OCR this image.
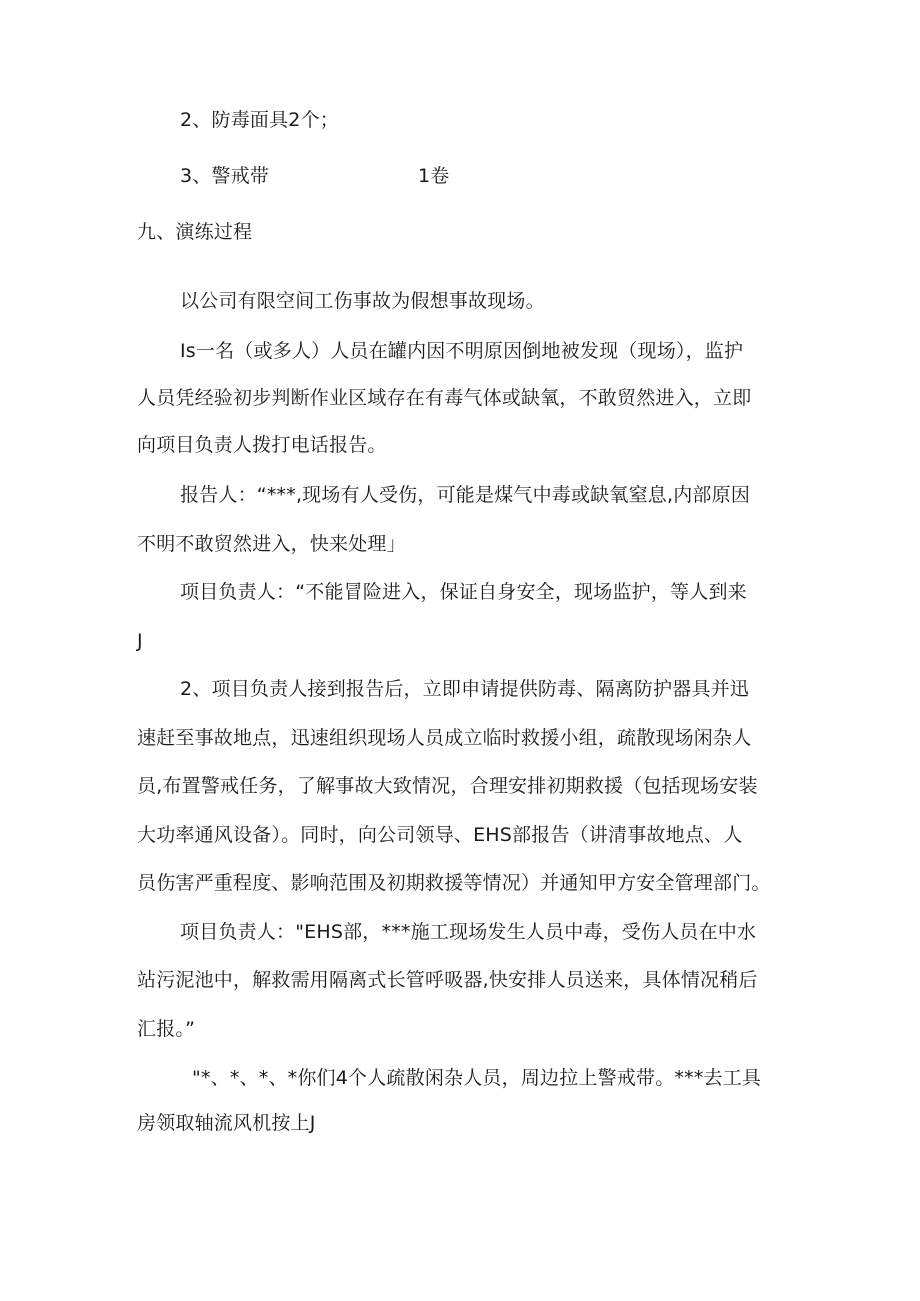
2、防毒面具2个；
3、警戒带	1卷
九、演练过程
以公司有限空间工伤事故为假想事故现场。
Is一名（或多人）人员在罐内因不明原因倒地被发现（现场），监护
人员凭经验初步判断作业区域存在有毒气体或缺氧，不敢贸然进入，立即
向项目负责人拨打电话报告。
报告人：“***,现场有人受伤，可能是煤气中毒或缺氧窒息,内部原因
不明不敢贸然进入，快来处理」
项目负责人：“不能冒险进入，保证自身安全，现场监护，等人到来
J
2、项目负责人接到报告后，立即申请提供防毒、隔离防护器具并迅
速赶至事故地点，迅速组织现场人员成立临时救援小组，疏散现场闲杂人
员,布置警戒任务，了解事故大致情况，合理安排初期救援（包括现场安装
大功率通风设备）。同时，向公司领导、EHS部报告（讲清事故地点、人
员伤害严重程度、影响范围及初期救援等情况）并通知甲方安全管理部门。
项目负责人："EHS部，***施工现场发生人员中毒，受伤人员在中水
站污泥池中，解救需用隔离式长管呼吸器,快安排人员送来，具体情况稍后
汇报。”
"*、*、*、*你们4个人疏散闲杂人员，周边拉上警戒带。***去工具
房领取轴流风机按上J
